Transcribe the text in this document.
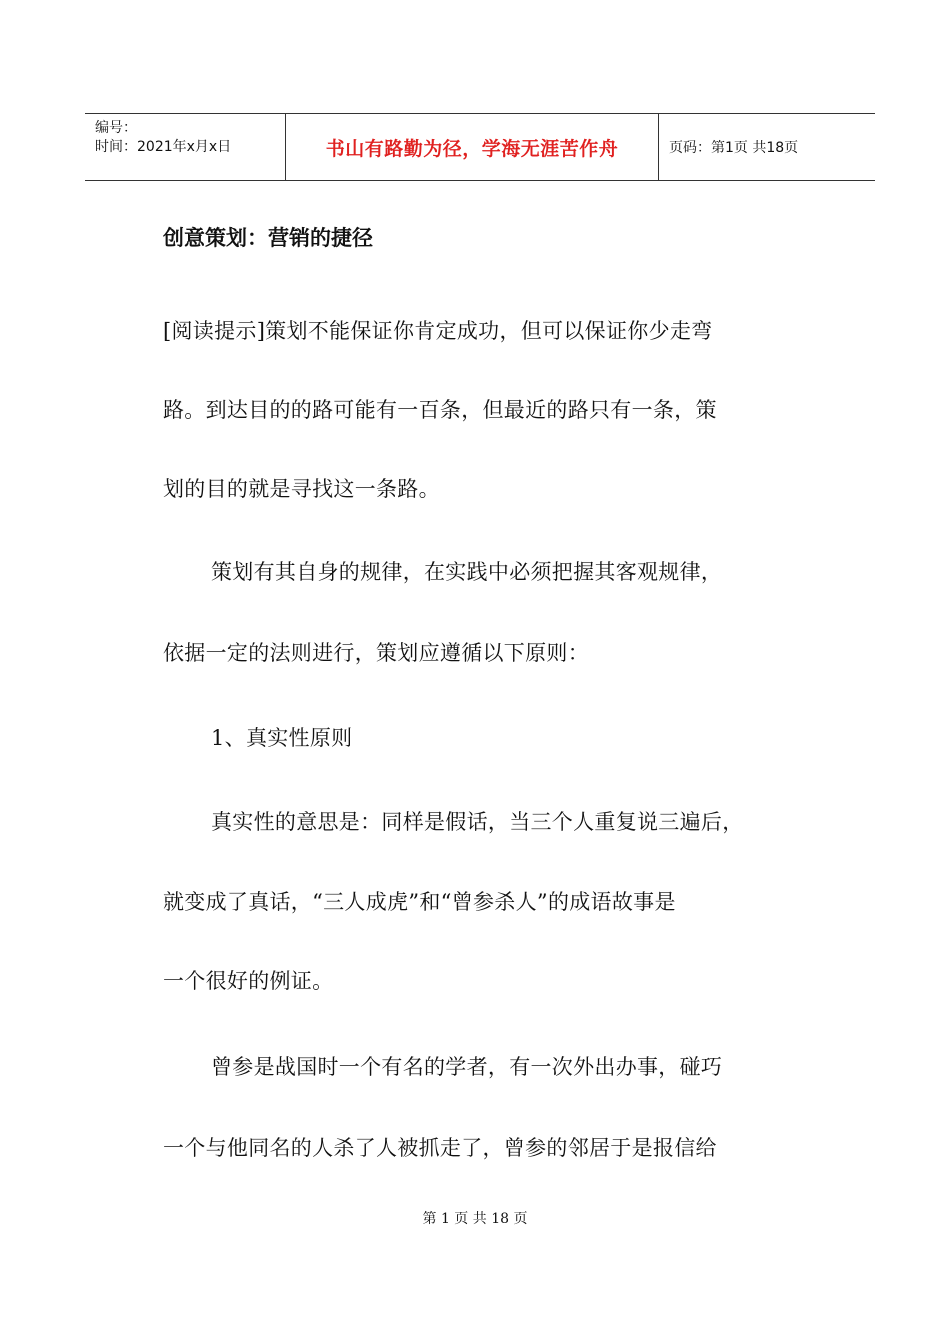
编号：
时间：2021年x月x日	书山有路勤为径，学海无涯苦作舟	页码：第1页 共18页
创意策划：营销的捷径
[阅读提示]策划不能保证你肯定成功，但可以保证你少走弯
路。到达目的的路可能有一百条，但最近的路只有一条，策
划的目的就是寻找这一条路。
策划有其自身的规律，在实践中必须把握其客观规律，
依据一定的法则进行，策划应遵循以下原则：
1、真实性原则
真实性的意思是：同样是假话，当三个人重复说三遍后，
就变成了真话，“三人成虎”和“曾参杀人”的成语故事是
一个很好的例证。
曾参是战国时一个有名的学者，有一次外出办事，碰巧
一个与他同名的人杀了人被抓走了，曾参的邻居于是报信给
第 1 页 共 18 页
